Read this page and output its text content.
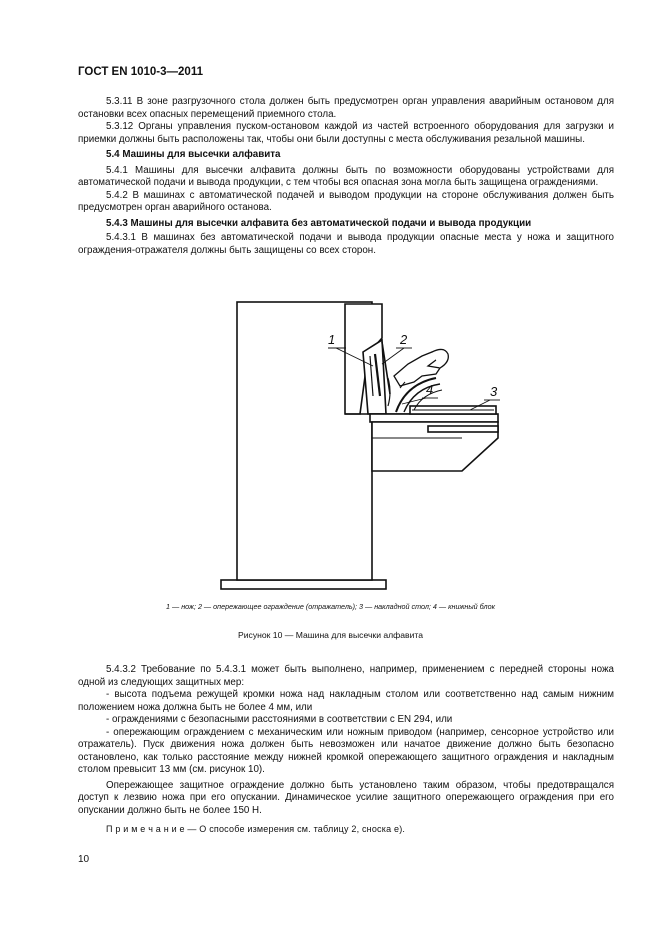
ГОСТ EN 1010-3—2011

5.3.11 В зоне разгрузочного стола должен быть предусмотрен орган управления аварийным остановом для остановки всех опасных перемещений приемного стола.

5.3.12 Органы управления пуском-остановом каждой из частей встроенного оборудования для загрузки и приемки должны быть расположены так, чтобы они были доступны с места обслуживания резальной машины.

5.4 Машины для высечки алфавита

5.4.1 Машины для высечки алфавита должны быть по возможности оборудованы устройствами для автоматической подачи и вывода продукции, с тем чтобы вся опасная зона могла быть защищена ограждениями.

5.4.2 В машинах с автоматической подачей и выводом продукции на стороне обслуживания должен быть предусмотрен орган аварийного останова.

5.4.3 Машины для высечки алфавита без автоматической подачи и вывода продукции

5.4.3.1 В машинах без автоматической подачи и вывода продукции опасные места у ножа и защитного ограждения-отражателя должны быть защищены со всех сторон.

1	2
4	3
1 — нож; 2 — опережающее ограждение (отражатель); 3 — накладной стол; 4 — книжный блок
Рисунок 10 — Машина для высечки алфавита

5.4.3.2 Требование по 5.4.3.1 может быть выполнено, например, применением с передней стороны ножа одной из следующих защитных мер:

- высота подъема режущей кромки ножа над накладным столом или соответственно над самым нижним положением ножа должна быть не более 4 мм, или

- ограждениями с безопасными расстояниями в соответствии с EN 294, или

- опережающим ограждением с механическим или ножным приводом (например, сенсорное устройство или отражатель). Пуск движения ножа должен быть невозможен или начатое движение должно быть безопасно остановлено, как только расстояние между нижней кромкой опережающего защитного ограждения и накладным столом превысит 13 мм (см. рисунок 10).

Опережающее защитное ограждение должно быть установлено таким образом, чтобы предотвращался доступ к лезвию ножа при его опускании. Динамическое усилие защитного опережающего ограждения при его опускании должно быть не более 150 Н.

П р и м е ч а н и е — О способе измерения см. таблицу 2, сноска е).

10
